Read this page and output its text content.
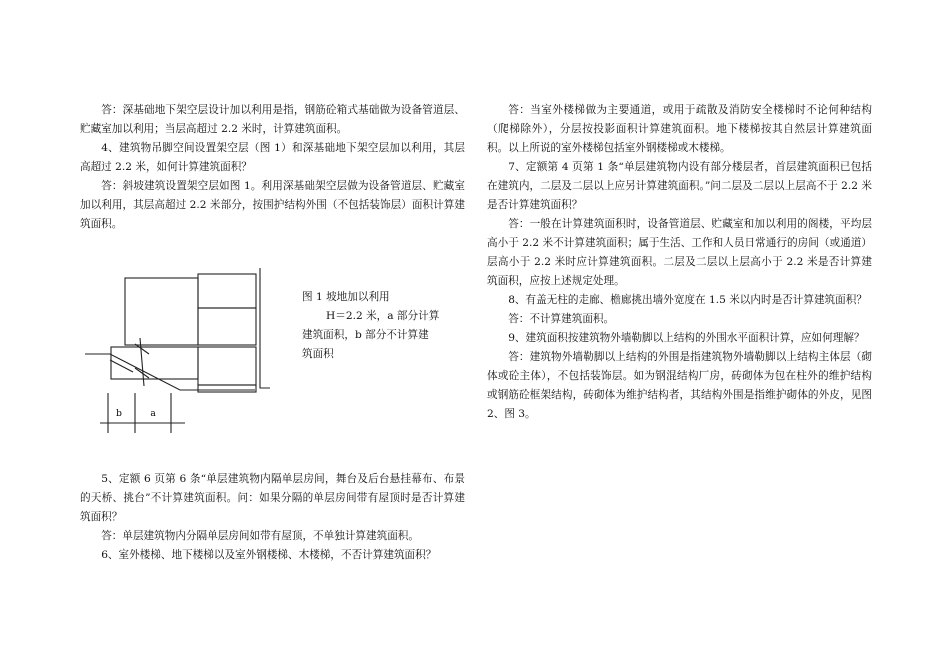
答：深基础地下架空层设计加以利用是指，钢筋砼箱式基础做为设备管道层、贮藏室加以利用；当层高超过 2.2 米时，计算建筑面积。

4、建筑物吊脚空间设置架空层（图 1）和深基础地下架空层加以利用，其层高超过 2.2 米，如何计算建筑面积？

答：斜坡建筑设置架空层如图 1。利用深基础架空层做为设备管道层、贮藏室加以利用，其层高超过 2.2 米部分，按围护结构外围（不包括装饰层）面积计算建筑面积。

b	a
图 1 坡地加以利用
H＝2.2 米，a 部分计算
建筑面积，b 部分不计算建
筑面积

5、定额 6 页第 6 条“单层建筑物内隔单层房间，舞台及后台悬挂幕布、布景的天桥、挑台”不计算建筑面积。问：如果分隔的单层房间带有屋顶时是否计算建筑面积？

答：单层建筑物内分隔单层房间如带有屋顶，不单独计算建筑面积。

6、室外楼梯、地下楼梯以及室外钢楼梯、木楼梯，不否计算建筑面积？

答：当室外楼梯做为主要通道，或用于疏散及消防安全楼梯时不论何种结构（爬梯除外），分层按投影面积计算建筑面积。地下楼梯按其自然层计算建筑面积。以上所说的室外楼梯包括室外钢楼梯或木楼梯。

7、定额第 4 页第 1 条“单层建筑物内设有部分楼层者，首层建筑面积已包括在建筑内，二层及二层以上应另计算建筑面积。”问二层及二层以上层高不于 2.2 米是否计算建筑面积？

答：一般在计算建筑面积时，设备管道层、贮藏室和加以利用的阁楼，平均层高小于 2.2 米不计算建筑面积；属于生活、工作和人员日常通行的房间（或通道）层高小于 2.2 米时应计算建筑面积。二层及二层以上层高小于 2.2 米是否计算建筑面积，应按上述规定处理。

8、有盖无柱的走廊、檐廊挑出墙外宽度在 1.5 米以内时是否计算建筑面积？

答：不计算建筑面积。

9、建筑面积按建筑物外墙勒脚以上结构的外围水平面积计算，应如何理解？

答：建筑物外墙勒脚以上结构的外围是指建筑物外墙勒脚以上结构主体层（砌体或砼主体），不包括装饰层。如为钢混结构厂房，砖砌体为包在柱外的维护结构或钢筋砼框架结构，砖砌体为维护结构者，其结构外围是指维护砌体的外皮，见图 2、图 3。
